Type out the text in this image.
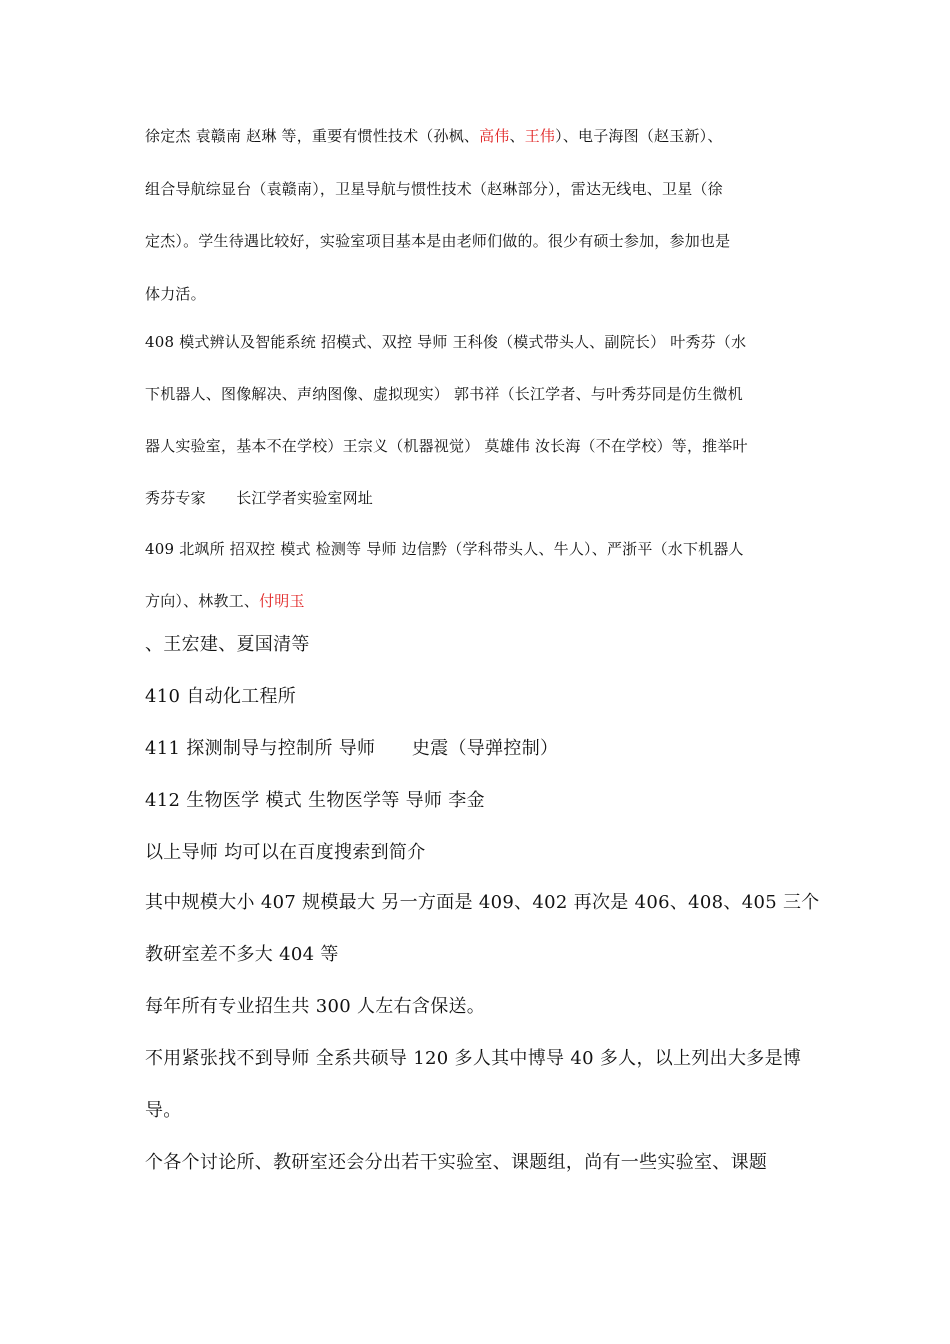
徐定杰 袁赣南 赵琳 等，重要有惯性技术（孙枫、高伟、王伟）、电子海图（赵玉新）、
组合导航综显台（袁赣南），卫星导航与惯性技术（赵琳部分），雷达无线电、卫星（徐
定杰）。学生待遇比较好，实验室项目基本是由老师们做的。很少有硕士参加，参加也是
体力活。
408 模式辨认及智能系统 招模式、双控 导师 王科俊（模式带头人、副院长） 叶秀芬（水
下机器人、图像解决、声纳图像、虚拟现实） 郭书祥（长江学者、与叶秀芬同是仿生微机
器人实验室，基本不在学校）王宗义（机器视觉） 莫雄伟 汝长海（不在学校）等，推举叶
秀芬专家　　长江学者实验室网址
409 北飒所 招双控 模式 检测等 导师 边信黔（学科带头人、牛人）、严浙平（水下机器人
方向）、林教工、付明玉
、王宏建、夏国清等
410 自动化工程所
411 探测制导与控制所 导师　　史震（导弹控制）
412 生物医学 模式 生物医学等 导师 李金
以上导师 均可以在百度搜索到简介
其中规模大小 407 规模最大 另一方面是 409、402 再次是 406、408、405 三个
教研室差不多大 404 等
每年所有专业招生共 300 人左右含保送。
不用紧张找不到导师 全系共硕导 120 多人其中博导 40 多人，以上列出大多是博
导。
个各个讨论所、教研室还会分出若干实验室、课题组，尚有一些实验室、课题
